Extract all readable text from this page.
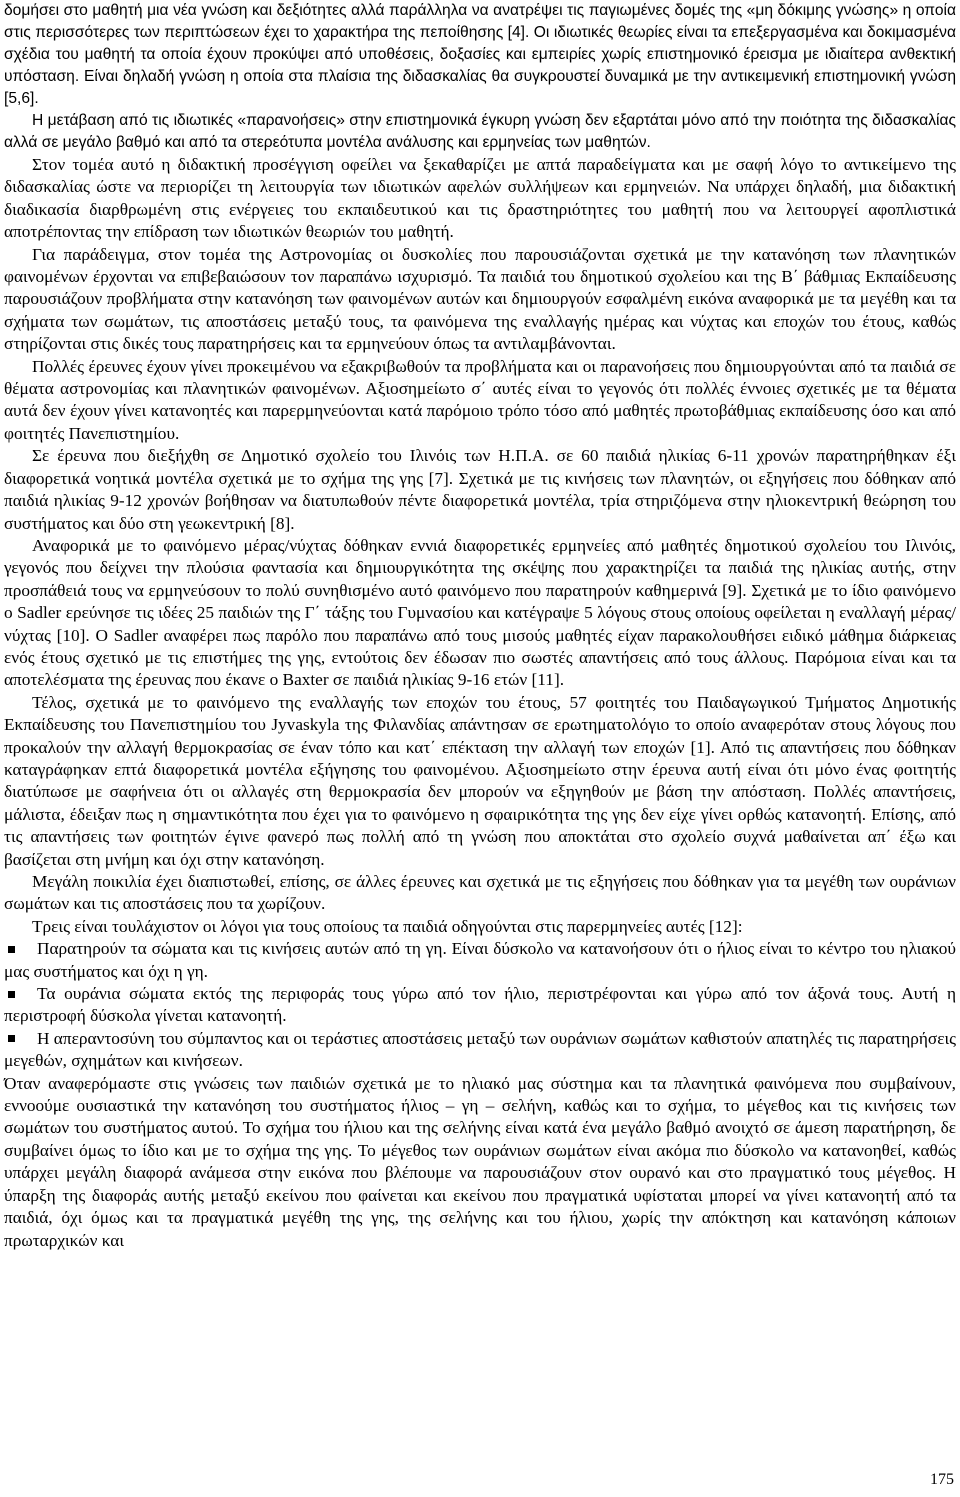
δομήσει στο μαθητή μια νέα γνώση και δεξιότητες αλλά παράλληλα να ανατρέψει τις παγιωμένες δομές της «μη δόκιμης γνώσης» η οποία στις περισσότερες των περιπτώσεων έχει το χαρακτήρα της πεποίθησης [4]. Οι ιδιωτικές θεωρίες είναι τα επεξεργασμένα και δοκιμασμένα σχέδια του μαθητή τα οποία έχουν προκύψει από υποθέσεις, δοξασίες και εμπειρίες χωρίς επιστημονικό έρεισμα με ιδιαίτερα ανθεκτική υπόσταση. Είναι δηλαδή γνώση η οποία στα πλαίσια της διδασκαλίας θα συγκρουστεί δυναμικά με την αντικειμενική επιστημονική γνώση [5,6].

Η μετάβαση από τις ιδιωτικές «παρανοήσεις» στην επιστημονικά έγκυρη γνώση δεν εξαρτάται μόνο από την ποιότητα της διδασκαλίας αλλά σε μεγάλο βαθμό και από τα στερεότυπα μοντέλα ανάλυσης και ερμηνείας των μαθητών.

Στον τομέα αυτό η διδακτική προσέγγιση οφείλει να ξεκαθαρίζει με απτά παραδείγματα και με σαφή λόγο το αντικείμενο της διδασκαλίας ώστε να περιορίζει τη λειτουργία των ιδιωτικών αφελών συλλήψεων και ερμηνειών. Να υπάρχει δηλαδή, μια διδακτική διαδικασία διαρθρωμένη στις ενέργειες του εκπαιδευτικού και τις δραστηριότητες του μαθητή που να λειτουργεί αφοπλιστικά αποτρέποντας την επίδραση των ιδιωτικών θεωριών του μαθητή.

Για παράδειγμα, στον τομέα της Αστρονομίας οι δυσκολίες που παρουσιάζονται σχετικά με την κατανόηση των πλανητικών φαινομένων έρχονται να επιβεβαιώσουν τον παραπάνω ισχυρισμό. Τα παιδιά του δημοτικού σχολείου και της Β΄ βάθμιας Εκπαίδευσης παρουσιάζουν προβλήματα στην κατανόηση των φαινομένων αυτών και δημιουργούν εσφαλμένη εικόνα αναφορικά με τα μεγέθη και τα σχήματα των σωμάτων, τις αποστάσεις μεταξύ τους, τα φαινόμενα της εναλλαγής ημέρας και νύχτας και εποχών του έτους, καθώς στηρίζονται στις δικές τους παρατηρήσεις και τα ερμηνεύουν όπως τα αντιλαμβάνονται.

Πολλές έρευνες έχουν γίνει προκειμένου να εξακριβωθούν τα προβλήματα και οι παρανοήσεις που δημιουργούνται από τα παιδιά σε θέματα αστρονομίας και πλανητικών φαινομένων. Αξιοσημείωτο σ΄ αυτές είναι το γεγονός ότι πολλές έννοιες σχετικές με τα θέματα αυτά δεν έχουν γίνει κατανοητές και παρερμηνεύονται κατά παρόμοιο τρόπο τόσο από μαθητές πρωτοβάθμιας εκπαίδευσης όσο και από φοιτητές Πανεπιστημίου.

Σε έρευνα που διεξήχθη σε Δημοτικό σχολείο του Ιλινόις των Η.Π.Α. σε 60 παιδιά ηλικίας 6-11 χρονών παρατηρήθηκαν έξι διαφορετικά νοητικά μοντέλα σχετικά με το σχήμα της γης [7]. Σχετικά με τις κινήσεις των πλανητών, οι εξηγήσεις που δόθηκαν από παιδιά ηλικίας 9-12 χρονών βοήθησαν να διατυπωθούν πέντε διαφορετικά μοντέλα, τρία στηριζόμενα στην ηλιοκεντρική θεώρηση του συστήματος και δύο στη γεωκεντρική [8].

Αναφορικά με το φαινόμενο μέρας/νύχτας δόθηκαν εννιά διαφορετικές ερμηνείες από μαθητές δημοτικού σχολείου του Ιλινόις, γεγονός που δείχνει την πλούσια φαντασία και δημιουργικότητα της σκέψης που χαρακτηρίζει τα παιδιά της ηλικίας αυτής, στην προσπάθειά τους να ερμηνεύσουν το πολύ συνηθισμένο αυτό φαινόμενο που παρατηρούν καθημερινά [9]. Σχετικά με το ίδιο φαινόμενο o Sadler ερεύνησε τις ιδέες 25 παιδιών της Γ΄ τάξης του Γυμνασίου και κατέγραψε 5 λόγους στους οποίους οφείλεται η εναλλαγή μέρας/νύχτας [10]. Ο Sadler αναφέρει πως παρόλο που παραπάνω από τους μισούς μαθητές είχαν παρακολουθήσει ειδικό μάθημα διάρκειας ενός έτους σχετικό με τις επιστήμες της γης, εντούτοις δεν έδωσαν πιο σωστές απαντήσεις από τους άλλους. Παρόμοια είναι και τα αποτελέσματα της έρευνας που έκανε ο Baxter σε παιδιά ηλικίας 9-16 ετών [11].

Τέλος, σχετικά με το φαινόμενο της εναλλαγής των εποχών του έτους, 57 φοιτητές του Παιδαγωγικού Τμήματος Δημοτικής Εκπαίδευσης του Πανεπιστημίου του Jyvaskyla της Φιλανδίας απάντησαν σε ερωτηματολόγιο το οποίο αναφερόταν στους λόγους που προκαλούν την αλλαγή θερμοκρασίας σε έναν τόπο και κατ΄ επέκταση την αλλαγή των εποχών [1]. Από τις απαντήσεις που δόθηκαν καταγράφηκαν επτά διαφορετικά μοντέλα εξήγησης του φαινομένου. Αξιοσημείωτο στην έρευνα αυτή είναι ότι μόνο ένας φοιτητής διατύπωσε με σαφήνεια ότι οι αλλαγές στη θερμοκρασία δεν μπορούν να εξηγηθούν με βάση την απόσταση. Πολλές απαντήσεις, μάλιστα, έδειξαν πως η σημαντικότητα που έχει για το φαινόμενο η σφαιρικότητα της γης δεν είχε γίνει ορθώς κατανοητή. Επίσης, από τις απαντήσεις των φοιτητών έγινε φανερό πως πολλή από τη γνώση που αποκτάται στο σχολείο συχνά μαθαίνεται απ΄ έξω και βασίζεται στη μνήμη και όχι στην κατανόηση.

Μεγάλη ποικιλία έχει διαπιστωθεί, επίσης, σε άλλες έρευνες και σχετικά με τις εξηγήσεις που δόθηκαν για τα μεγέθη των ουράνιων σωμάτων και τις αποστάσεις που τα χωρίζουν.

Τρεις είναι τουλάχιστον οι λόγοι για τους οποίους τα παιδιά οδηγούνται στις παρερμηνείες αυτές [12]:

Παρατηρούν τα σώματα και τις κινήσεις αυτών από τη γη. Είναι δύσκολο να κατανοήσουν ότι ο ήλιος είναι το κέντρο του ηλιακού μας συστήματος και όχι η γη.

Τα ουράνια σώματα εκτός της περιφοράς τους γύρω από τον ήλιο, περιστρέφονται και γύρω από τον άξονά τους. Αυτή η περιστροφή δύσκολα γίνεται κατανοητή.

Η απεραντοσύνη του σύμπαντος και οι τεράστιες αποστάσεις μεταξύ των ουράνιων σωμάτων καθιστούν απατηλές τις παρατηρήσεις μεγεθών, σχημάτων και κινήσεων.

Όταν αναφερόμαστε στις γνώσεις των παιδιών σχετικά με το ηλιακό μας σύστημα και τα πλανητικά φαινόμενα που συμβαίνουν, εννοούμε ουσιαστικά την κατανόηση του συστήματος ήλιος – γη – σελήνη, καθώς και το σχήμα, το μέγεθος και τις κινήσεις των σωμάτων του συστήματος αυτού. Το σχήμα του ήλιου και της σελήνης είναι κατά ένα μεγάλο βαθμό ανοιχτό σε άμεση παρατήρηση, δε συμβαίνει όμως το ίδιο και με το σχήμα της γης. Το μέγεθος των ουράνιων σωμάτων είναι ακόμα πιο δύσκολο να κατανοηθεί, καθώς υπάρχει μεγάλη διαφορά ανάμεσα στην εικόνα που βλέπουμε να παρουσιάζουν στον ουρανό και στο πραγματικό τους μέγεθος. Η ύπαρξη της διαφοράς αυτής μεταξύ εκείνου που φαίνεται και εκείνου που πραγματικά υφίσταται μπορεί να γίνει κατανοητή από τα παιδιά, όχι όμως και τα πραγματικά μεγέθη της γης, της σελήνης και του ήλιου, χωρίς την απόκτηση και κατανόηση κάποιων πρωταρχικών και

175
